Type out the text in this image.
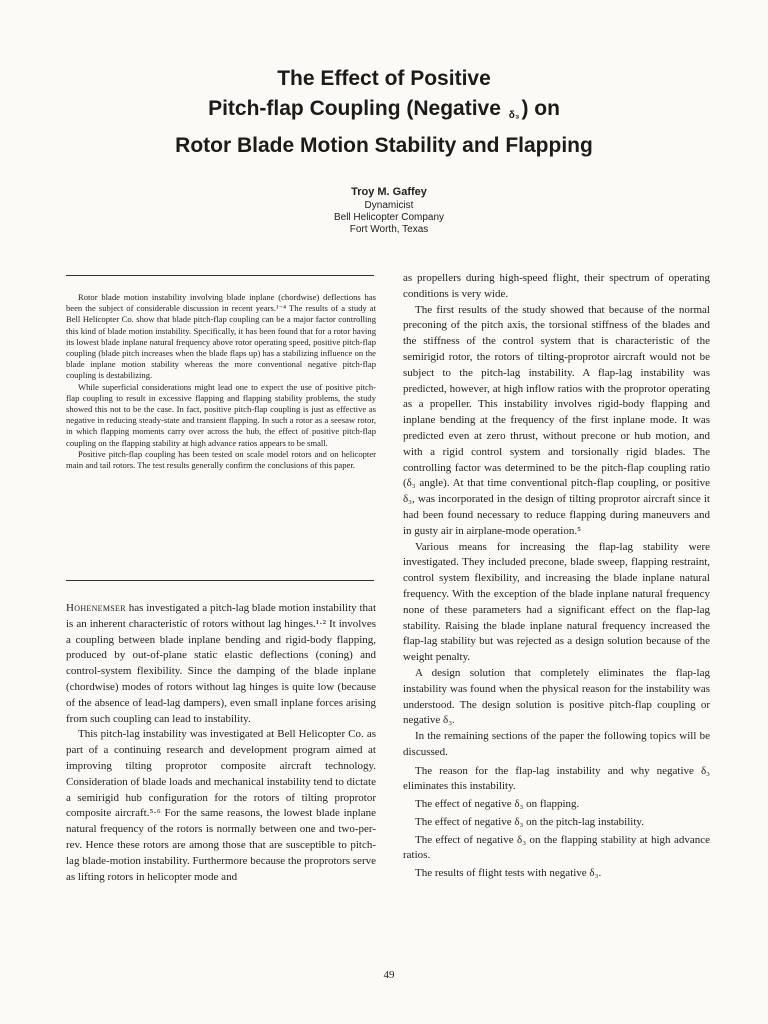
The Effect of Positive
Pitch-flap Coupling (Negative $_{\delta_3}$) on
Rotor Blade Motion Stability and Flapping
Troy M. Gaffey
Dynamicist
Bell Helicopter Company
Fort Worth, Texas

Rotor blade motion instability involving blade inplane (chordwise) deflections has been the subject of considerable discussion in recent years.¹⁻⁴ The results of a study at Bell Helicopter Co. show that blade pitch-flap coupling can be a major factor controlling this kind of blade motion instability. Specifically, it has been found that for a rotor having its lowest blade inplane natural frequency above rotor operating speed, positive pitch-flap coupling (blade pitch increases when the blade flaps up) has a stabilizing influence on the blade inplane motion stability whereas the more conventional negative pitch-flap coupling is destabilizing.

While superficial considerations might lead one to expect the use of positive pitch-flap coupling to result in excessive flapping and flapping stability problems, the study showed this not to be the case. In fact, positive pitch-flap coupling is just as effective as negative in reducing steady-state and transient flapping. In such a rotor as a seesaw rotor, in which flapping moments carry over across the hub, the effect of positive pitch-flap coupling on the flapping stability at high advance ratios appears to be small.

Positive pitch-flap coupling has been tested on scale model rotors and on helicopter main and tail rotors. The test results generally confirm the conclusions of this paper.

Hohenemser has investigated a pitch-lag blade motion instability that is an inherent characteristic of rotors without lag hinges.¹·² It involves a coupling between blade inplane bending and rigid-body flapping, produced by out-of-plane static elastic deflections (coning) and control-system flexibility. Since the damping of the blade inplane (chordwise) modes of rotors without lag hinges is quite low (because of the absence of lead-lag dampers), even small inplane forces arising from such coupling can lead to instability.

This pitch-lag instability was investigated at Bell Helicopter Co. as part of a continuing research and development program aimed at improving tilting proprotor composite aircraft technology. Consideration of blade loads and mechanical instability tend to dictate a semirigid hub configuration for the rotors of tilting proprotor composite aircraft.⁵·⁶ For the same reasons, the lowest blade inplane natural frequency of the rotors is normally between one and two-per-rev. Hence these rotors are among those that are susceptible to pitch-lag blade-motion instability. Furthermore because the proprotors serve as lifting rotors in helicopter mode and

as propellers during high-speed flight, their spectrum of operating conditions is very wide.

The first results of the study showed that because of the normal preconing of the pitch axis, the torsional stiffness of the blades and the stiffness of the control system that is characteristic of the semirigid rotor, the rotors of tilting-proprotor aircraft would not be subject to the pitch-lag instability. A flap-lag instability was predicted, however, at high inflow ratios with the proprotor operating as a propeller. This instability involves rigid-body flapping and inplane bending at the frequency of the first inplane mode. It was predicted even at zero thrust, without precone or hub motion, and with a rigid control system and torsionally rigid blades. The controlling factor was determined to be the pitch-flap coupling ratio (δ₃ angle). At that time conventional pitch-flap coupling, or positive δ₃, was incorporated in the design of tilting proprotor aircraft since it had been found necessary to reduce flapping during maneuvers and in gusty air in airplane-mode operation.⁵

Various means for increasing the flap-lag stability were investigated. They included precone, blade sweep, flapping restraint, control system flexibility, and increasing the blade inplane natural frequency. With the exception of the blade inplane natural frequency none of these parameters had a significant effect on the flap-lag stability. Raising the blade inplane natural frequency increased the flap-lag stability but was rejected as a design solution because of the weight penalty.

A design solution that completely eliminates the flap-lag instability was found when the physical reason for the instability was understood. The design solution is positive pitch-flap coupling or negative δ₃.

In the remaining sections of the paper the following topics will be discussed.

The reason for the flap-lag instability and why negative δ₃ eliminates this instability.

The effect of negative δ₃ on flapping.

The effect of negative δ₃ on the pitch-lag instability.

The effect of negative δ₃ on the flapping stability at high advance ratios.

The results of flight tests with negative δ₃.

49
